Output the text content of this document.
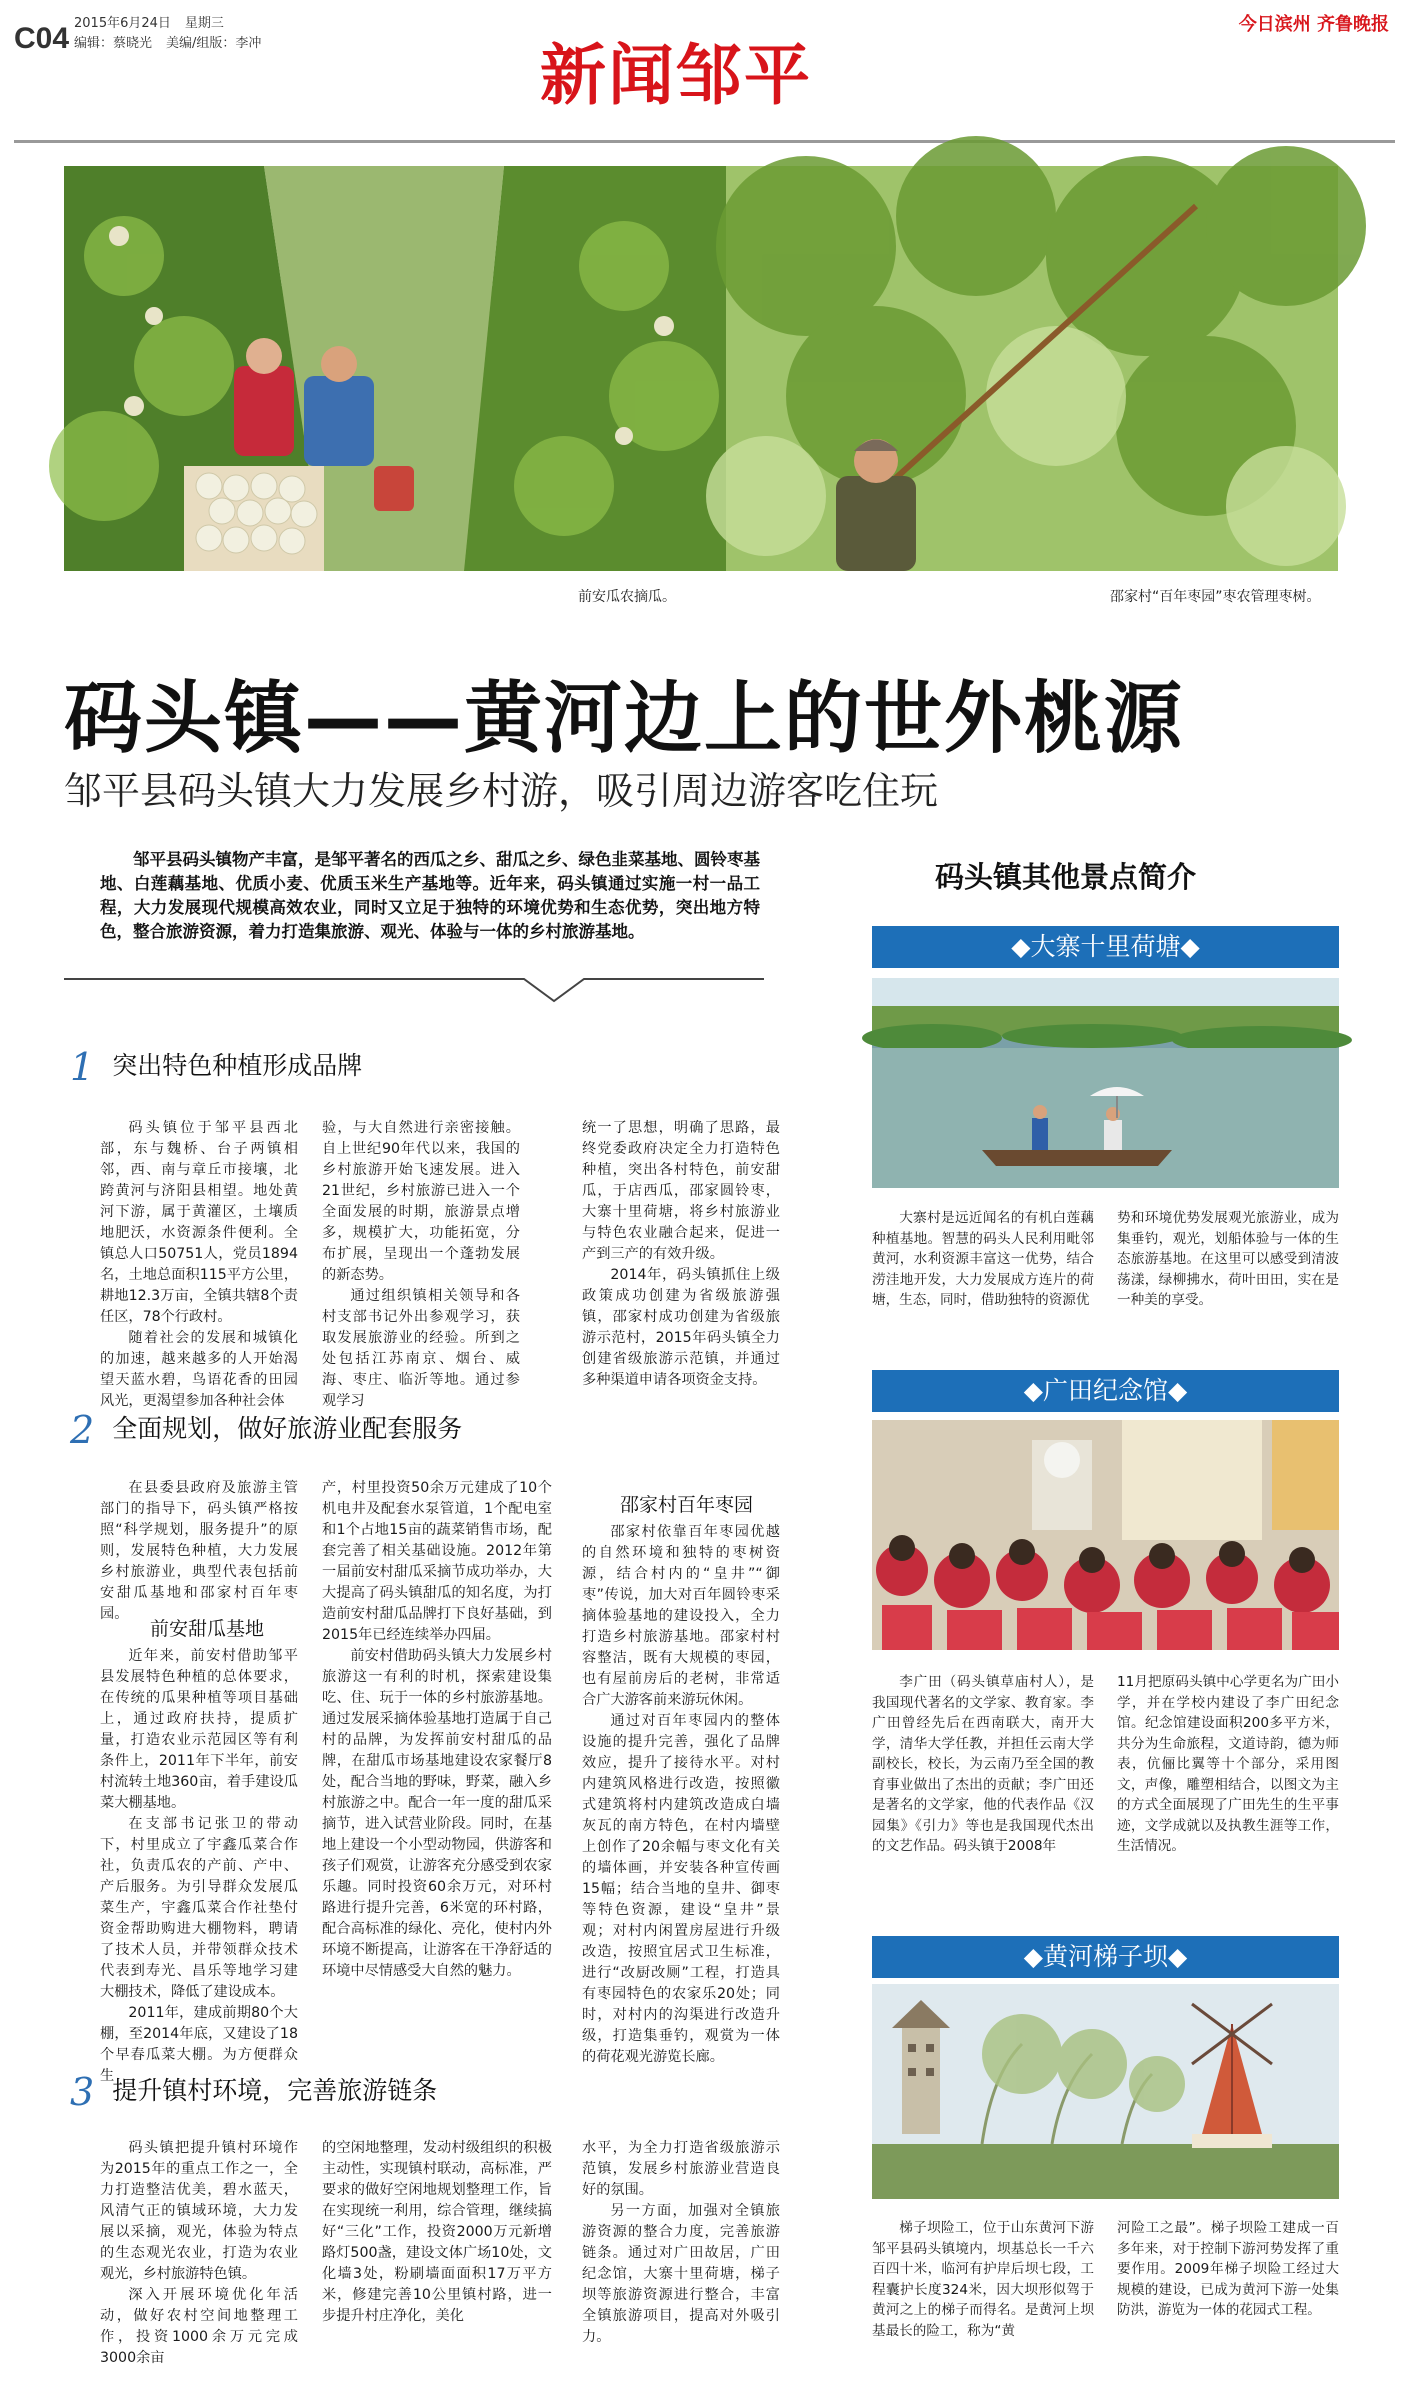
C04 2015年6月24日 星期三
编辑：蔡晓光 美编/组版：李冲	新闻邹平
今日滨州 齐鲁晚报
前安瓜农摘瓜。	邵家村“百年枣园”枣农管理枣树。
码头镇——黄河边上的世外桃源
邹平县码头镇大力发展乡村游，吸引周边游客吃住玩
邹平县码头镇物产丰富，是邹平著名的西瓜之乡、甜瓜之乡、绿色韭菜基地、圆铃枣基地、白莲藕基地、优质小麦、优质玉米生产基地等。近年来，码头镇通过实施一村一品工程，大力发展现代规模高效农业，同时又立足于独特的环境优势和生态优势，突出地方特色，整合旅游资源，着力打造集旅游、观光、体验与一体的乡村旅游基地。
1 突出特色种植形成品牌

码头镇位于邹平县西北部，东与魏桥、台子两镇相邻，西、南与章丘市接壤，北跨黄河与济阳县相望。地处黄河下游，属于黄灌区，土壤质地肥沃，水资源条件便利。全镇总人口50751人，党员1894名，土地总面积115平方公里，耕地12.3万亩，全镇共辖8个责任区，78个行政村。

随着社会的发展和城镇化的加速，越来越多的人开始渴望天蓝水碧，鸟语花香的田园风光，更渴望参加各种社会体

验，与大自然进行亲密接触。自上世纪90年代以来，我国的乡村旅游开始飞速发展。进入21世纪，乡村旅游已进入一个全面发展的时期，旅游景点增多，规模扩大，功能拓宽，分布扩展，呈现出一个蓬勃发展的新态势。

通过组织镇相关领导和各村支部书记外出参观学习，获取发展旅游业的经验。所到之处包括江苏南京、烟台、威海、枣庄、临沂等地。通过参观学习

统一了思想，明确了思路，最终党委政府决定全力打造特色种植，突出各村特色，前安甜瓜，于店西瓜，邵家圆铃枣，大寨十里荷塘，将乡村旅游业与特色农业融合起来，促进一产到三产的有效升级。

2014年，码头镇抓住上级政策成功创建为省级旅游强镇，邵家村成功创建为省级旅游示范村，2015年码头镇全力创建省级旅游示范镇，并通过多种渠道申请各项资金支持。

2 全面规划，做好旅游业配套服务

在县委县政府及旅游主管部门的指导下，码头镇严格按照“科学规划，服务提升”的原则，发展特色种植，大力发展乡村旅游业，典型代表包括前安甜瓜基地和邵家村百年枣园。

前安甜瓜基地

近年来，前安村借助邹平县发展特色种植的总体要求，在传统的瓜果种植等项目基础上，通过政府扶持，提质扩量，打造农业示范园区等有利条件上，2011年下半年，前安村流转土地360亩，着手建设瓜菜大棚基地。

在支部书记张卫的带动下，村里成立了宇鑫瓜菜合作社，负责瓜农的产前、产中、产后服务。为引导群众发展瓜菜生产，宇鑫瓜菜合作社垫付资金帮助购进大棚物料，聘请了技术人员，并带领群众技术代表到寿光、昌乐等地学习建大棚技术，降低了建设成本。

2011年，建成前期80个大棚，至2014年底，又建设了18个早春瓜菜大棚。为方便群众生

产，村里投资50余万元建成了10个机电井及配套水泵管道，1个配电室和1个占地15亩的蔬菜销售市场，配套完善了相关基础设施。2012年第一届前安村甜瓜采摘节成功举办，大大提高了码头镇甜瓜的知名度，为打造前安村甜瓜品牌打下良好基础，到2015年已经连续举办四届。

前安村借助码头镇大力发展乡村旅游这一有利的时机，探索建设集吃、住、玩于一体的乡村旅游基地。通过发展采摘体验基地打造属于自己村的品牌，为发挥前安村甜瓜的品牌，在甜瓜市场基地建设农家餐厅8处，配合当地的野味，野菜，融入乡村旅游之中。配合一年一度的甜瓜采摘节，进入试营业阶段。同时，在基地上建设一个小型动物园，供游客和孩子们观赏，让游客充分感受到农家乐趣。同时投资60余万元，对环村路进行提升完善，6米宽的环村路，配合高标准的绿化、亮化，使村内外环境不断提高，让游客在干净舒适的环境中尽情感受大自然的魅力。

邵家村百年枣园

邵家村依靠百年枣园优越的自然环境和独特的枣树资源，结合村内的“皇井”“御枣”传说，加大对百年圆铃枣采摘体验基地的建设投入，全力打造乡村旅游基地。邵家村村容整洁，既有大规模的枣园，也有屋前房后的老树，非常适合广大游客前来游玩休闲。

通过对百年枣园内的整体设施的提升完善，强化了品牌效应，提升了接待水平。对村内建筑风格进行改造，按照徽式建筑将村内建筑改造成白墙灰瓦的南方特色，在村内墙壁上创作了20余幅与枣文化有关的墙体画，并安装各种宣传画15幅；结合当地的皇井、御枣等特色资源，建设“皇井”景观；对村内闲置房屋进行升级改造，按照宜居式卫生标准，进行“改厨改厕”工程，打造具有枣园特色的农家乐20处；同时，对村内的沟渠进行改造升级，打造集垂钓，观赏为一体的荷花观光游览长廊。

3 提升镇村环境，完善旅游链条

码头镇把提升镇村环境作为2015年的重点工作之一，全力打造整洁优美，碧水蓝天，风清气正的镇域环境，大力发展以采摘，观光，体验为特点的生态观光农业，打造为农业观光，乡村旅游特色镇。

深入开展环境优化年活动，做好农村空间地整理工作，投资1000余万元完成3000余亩

的空闲地整理，发动村级组织的积极主动性，实现镇村联动，高标准，严要求的做好空闲地规划整理工作，旨在实现统一利用，综合管理，继续搞好“三化”工作，投资2000万元新增路灯500盏，建设文体广场10处，文化墙3处，粉刷墙面面积17万平方米，修建完善10公里镇村路，进一步提升村庄净化，美化

水平，为全力打造省级旅游示范镇，发展乡村旅游业营造良好的氛围。

另一方面，加强对全镇旅游资源的整合力度，完善旅游链条。通过对广田故居，广田纪念馆，大寨十里荷塘，梯子坝等旅游资源进行整合，丰富全镇旅游项目，提高对外吸引力。

码头镇其他景点简介
◆大寨十里荷塘◆

大寨村是远近闻名的有机白莲藕种植基地。智慧的码头人民利用毗邻黄河，水利资源丰富这一优势，结合涝洼地开发，大力发展成方连片的荷塘，生态，同时，借助独特的资源优

势和环境优势发展观光旅游业，成为集垂钓，观光，划船体验与一体的生态旅游基地。在这里可以感受到清波荡漾，绿柳拂水，荷叶田田，实在是一种美的享受。

◆广田纪念馆◆

李广田（码头镇草庙村人），是我国现代著名的文学家、教育家。李广田曾经先后在西南联大，南开大学，清华大学任教，并担任云南大学副校长，校长，为云南乃至全国的教育事业做出了杰出的贡献；李广田还是著名的文学家，他的代表作品《汉园集》《引力》等也是我国现代杰出的文艺作品。码头镇于2008年

11月把原码头镇中心学更名为广田小学，并在学校内建设了李广田纪念馆。纪念馆建设面积200多平方米，共分为生命旅程，文道诗韵，德为师表，伉俪比翼等十个部分，采用图文，声像，雕塑相结合，以图文为主的方式全面展现了广田先生的生平事迹，文学成就以及执教生涯等工作，生活情况。

◆黄河梯子坝◆

梯子坝险工，位于山东黄河下游邹平县码头镇境内，坝基总长一千六百四十米，临河有护岸后坝七段，工程囊护长度324米，因大坝形似驾于黄河之上的梯子而得名。是黄河上坝基最长的险工，称为“黄

河险工之最”。梯子坝险工建成一百多年来，对于控制下游河势发挥了重要作用。2009年梯子坝险工经过大规模的建设，已成为黄河下游一处集防洪，游览为一体的花园式工程。
